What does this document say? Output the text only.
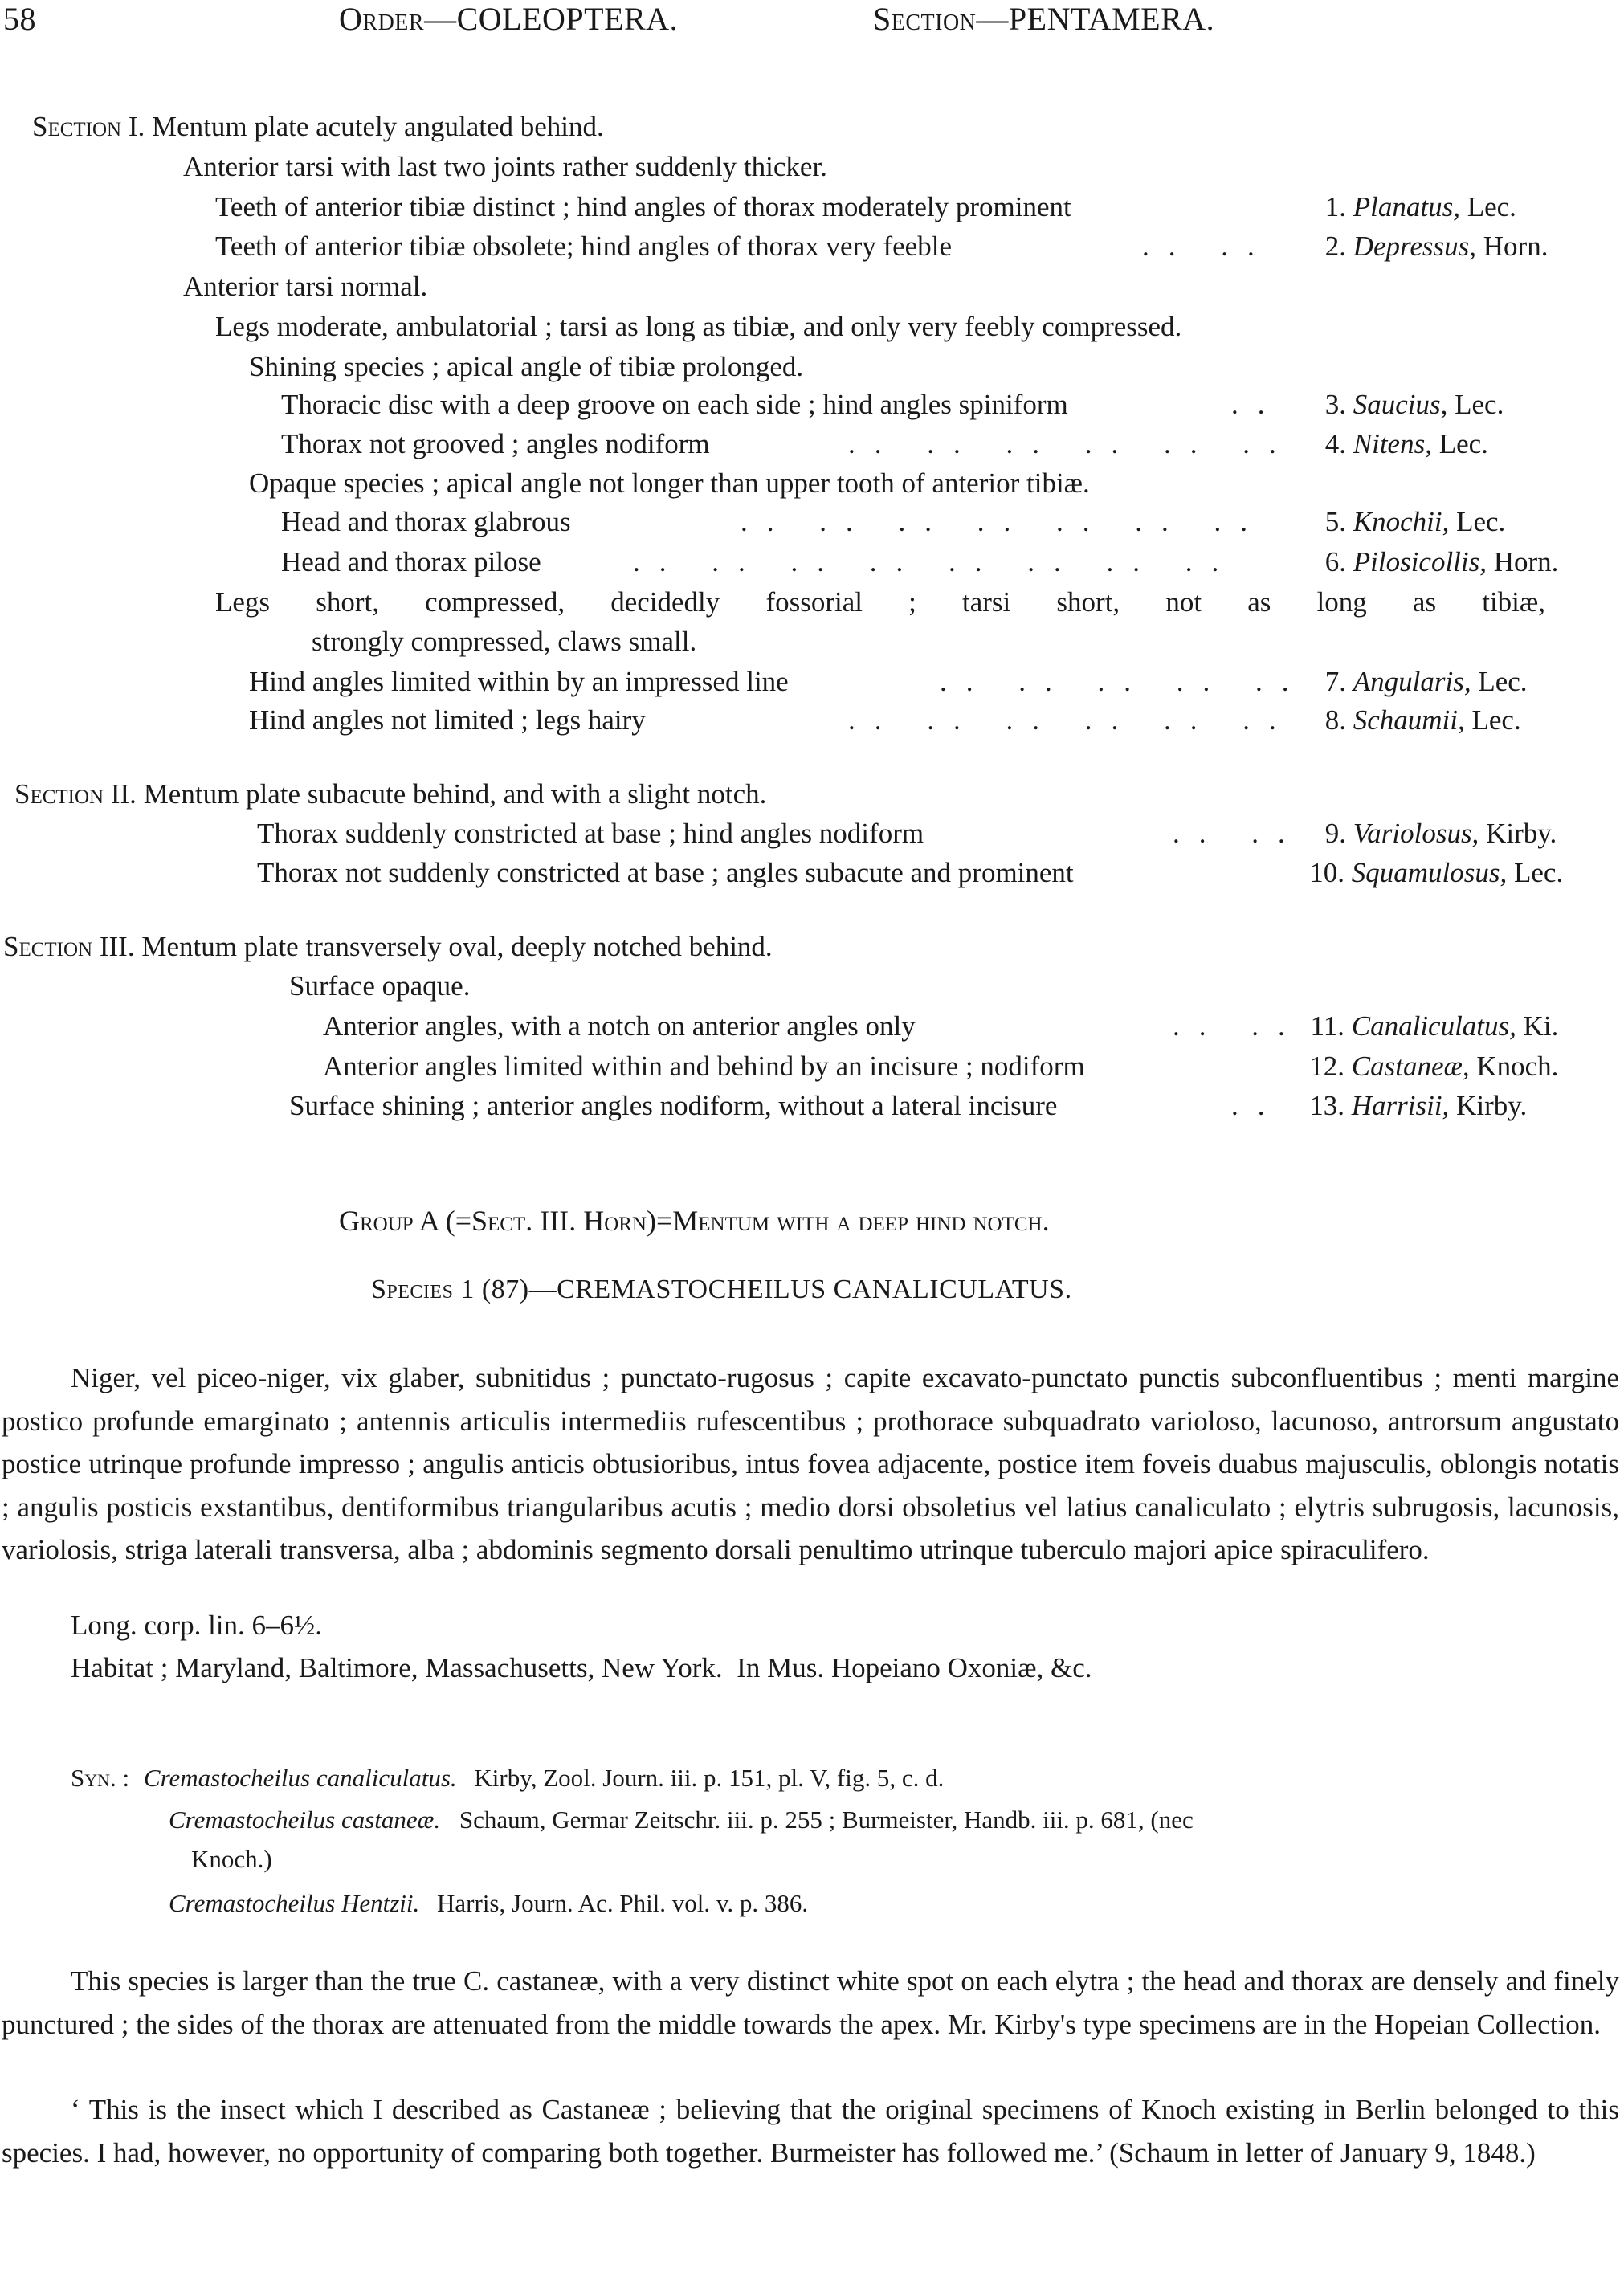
58	Order—COLEOPTERA.	Section—PENTAMERA.
Section I. Mentum plate acutely angulated behind.
Anterior tarsi with last two joints rather suddenly thicker.
Teeth of anterior tibiæ distinct ; hind angles of thorax moderately prominent	1. Planatus, Lec.
Teeth of anterior tibiæ obsolete; hind angles of thorax very feeble	.. ..	2. Depressus, Horn.
Anterior tarsi normal.
Legs moderate, ambulatorial ; tarsi as long as tibiæ, and only very feebly compressed.
Shining species ; apical angle of tibiæ prolonged.
Thoracic disc with a deep groove on each side ; hind angles spiniform	..	3. Saucius, Lec.
Thorax not grooved ; angles nodiform	.. .. .. .. .. ..	4. Nitens, Lec.
Opaque species ; apical angle not longer than upper tooth of anterior tibiæ.
Head and thorax glabrous	.. .. .. .. .. .. ..	5. Knochii, Lec.
Head and thorax pilose	.. .. .. .. .. .. .. ..	6. Pilosicollis, Horn.
Legs short, compressed, decidedly fossorial ; tarsi short, not as long as tibiæ,
strongly compressed, claws small.
Hind angles limited within by an impressed line	.. .. .. .. .. 7. Angularis, Lec.
Hind angles not limited ; legs hairy	.. .. .. .. .. ..	8. Schaumii, Lec.
Section II. Mentum plate subacute behind, and with a slight notch.
Thorax suddenly constricted at base ; hind angles nodiform	.. .. 9. Variolosus, Kirby.
Thorax not suddenly constricted at base ; angles subacute and prominent	10. Squamulosus, Lec.
Section III. Mentum plate transversely oval, deeply notched behind.
Surface opaque.
Anterior angles, with a notch on anterior angles only	.. .. 11. Canaliculatus, Ki.
Anterior angles limited within and behind by an incisure ; nodiform	12. Castaneæ, Knoch.
Surface shining ; anterior angles nodiform, without a lateral incisure	.. 13. Harrisii, Kirby.
Group A (=Sect. III. Horn)=Mentum with a deep hind notch.
Species 1 (87)—CREMASTOCHEILUS CANALICULATUS.
Niger, vel piceo-niger, vix glaber, subnitidus ; punctato-rugosus ; capite excavato-punctato punctis subconfluentibus ; menti margine postico profunde emarginato ; antennis articulis intermediis rufescentibus ; prothorace subquadrato varioloso, lacunoso, antrorsum angustato postice utrinque profunde impresso ; angulis anticis obtusioribus, intus fovea adjacente, postice item foveis duabus majusculis, oblongis notatis ; angulis posticis exstantibus, dentiformibus triangularibus acutis ; medio dorsi obsoletius vel latius canaliculato ; elytris subrugosis, lacunosis, variolosis, striga laterali transversa, alba ; abdominis segmento dorsali penultimo utrinque tuberculo majori apice spiraculifero.
Long. corp. lin. 6–6½.
Habitat ; Maryland, Baltimore, Massachusetts, New York.  In Mus. Hopeiano Oxoniæ, &c.
Syn. : Cremastocheilus canaliculatus. Kirby, Zool. Journ. iii. p. 151, pl. V, fig. 5, c. d.
Cremastocheilus castaneæ. Schaum, Germar Zeitschr. iii. p. 255 ; Burmeister, Handb. iii. p. 681, (nec
Knoch.)
Cremastocheilus Hentzii. Harris, Journ. Ac. Phil. vol. v. p. 386.
This species is larger than the true C. castaneæ, with a very distinct white spot on each elytra ; the head and thorax are densely and finely punctured ; the sides of the thorax are attenuated from the middle towards the apex. Mr. Kirby's type specimens are in the Hopeian Collection.
‘ This is the insect which I described as Castaneæ ; believing that the original specimens of Knoch existing in Berlin belonged to this species. I had, however, no opportunity of comparing both together. Burmeister has followed me.’ (Schaum in letter of January 9, 1848.)
